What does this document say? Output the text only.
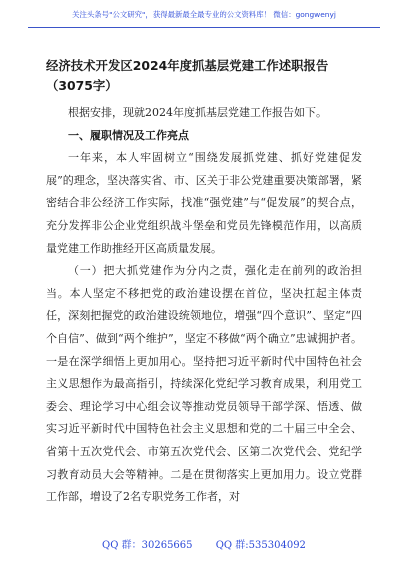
关注头条号"公文研究"，获得最新最全最专业的公文资料库！ 微信：gongwenyj
经济技术开发区2024年度抓基层党建工作述职报告（3075字）

根据安排，现就2024年度抓基层党建工作报告如下。

一、履职情况及工作亮点

一年来，本人牢固树立“围绕发展抓党建、抓好党建促发展”的理念，坚决落实省、市、区关于非公党建重要决策部署，紧密结合非公经济工作实际，找准“强党建”与“促发展”的契合点，充分发挥非公企业党组织战斗堡垒和党员先锋模范作用，以高质量党建工作助推经开区高质量发展。

（一）把大抓党建作为分内之责，强化走在前列的政治担当。本人坚定不移把党的政治建设摆在首位，坚决扛起主体责任，深刻把握党的政治建设统领地位，增强“四个意识”、坚定“四个自信”、做到“两个维护”，坚定不移做“两个确立”忠诚拥护者。一是在深学细悟上更加用心。坚持把习近平新时代中国特色社会主义思想作为最高指引，持续深化党纪学习教育成果，利用党工委会、理论学习中心组会议等推动党员领导干部学深、悟透、做实习近平新时代中国特色社会主义思想和党的二十届三中全会、省第十五次党代会、市第五次党代会、区第二次党代会、党纪学习教育动员大会等精神。二是在贯彻落实上更加用力。设立党群工作部，增设了2名专职党务工作者，对

QQ 群：30265665 QQ 群:535304092
